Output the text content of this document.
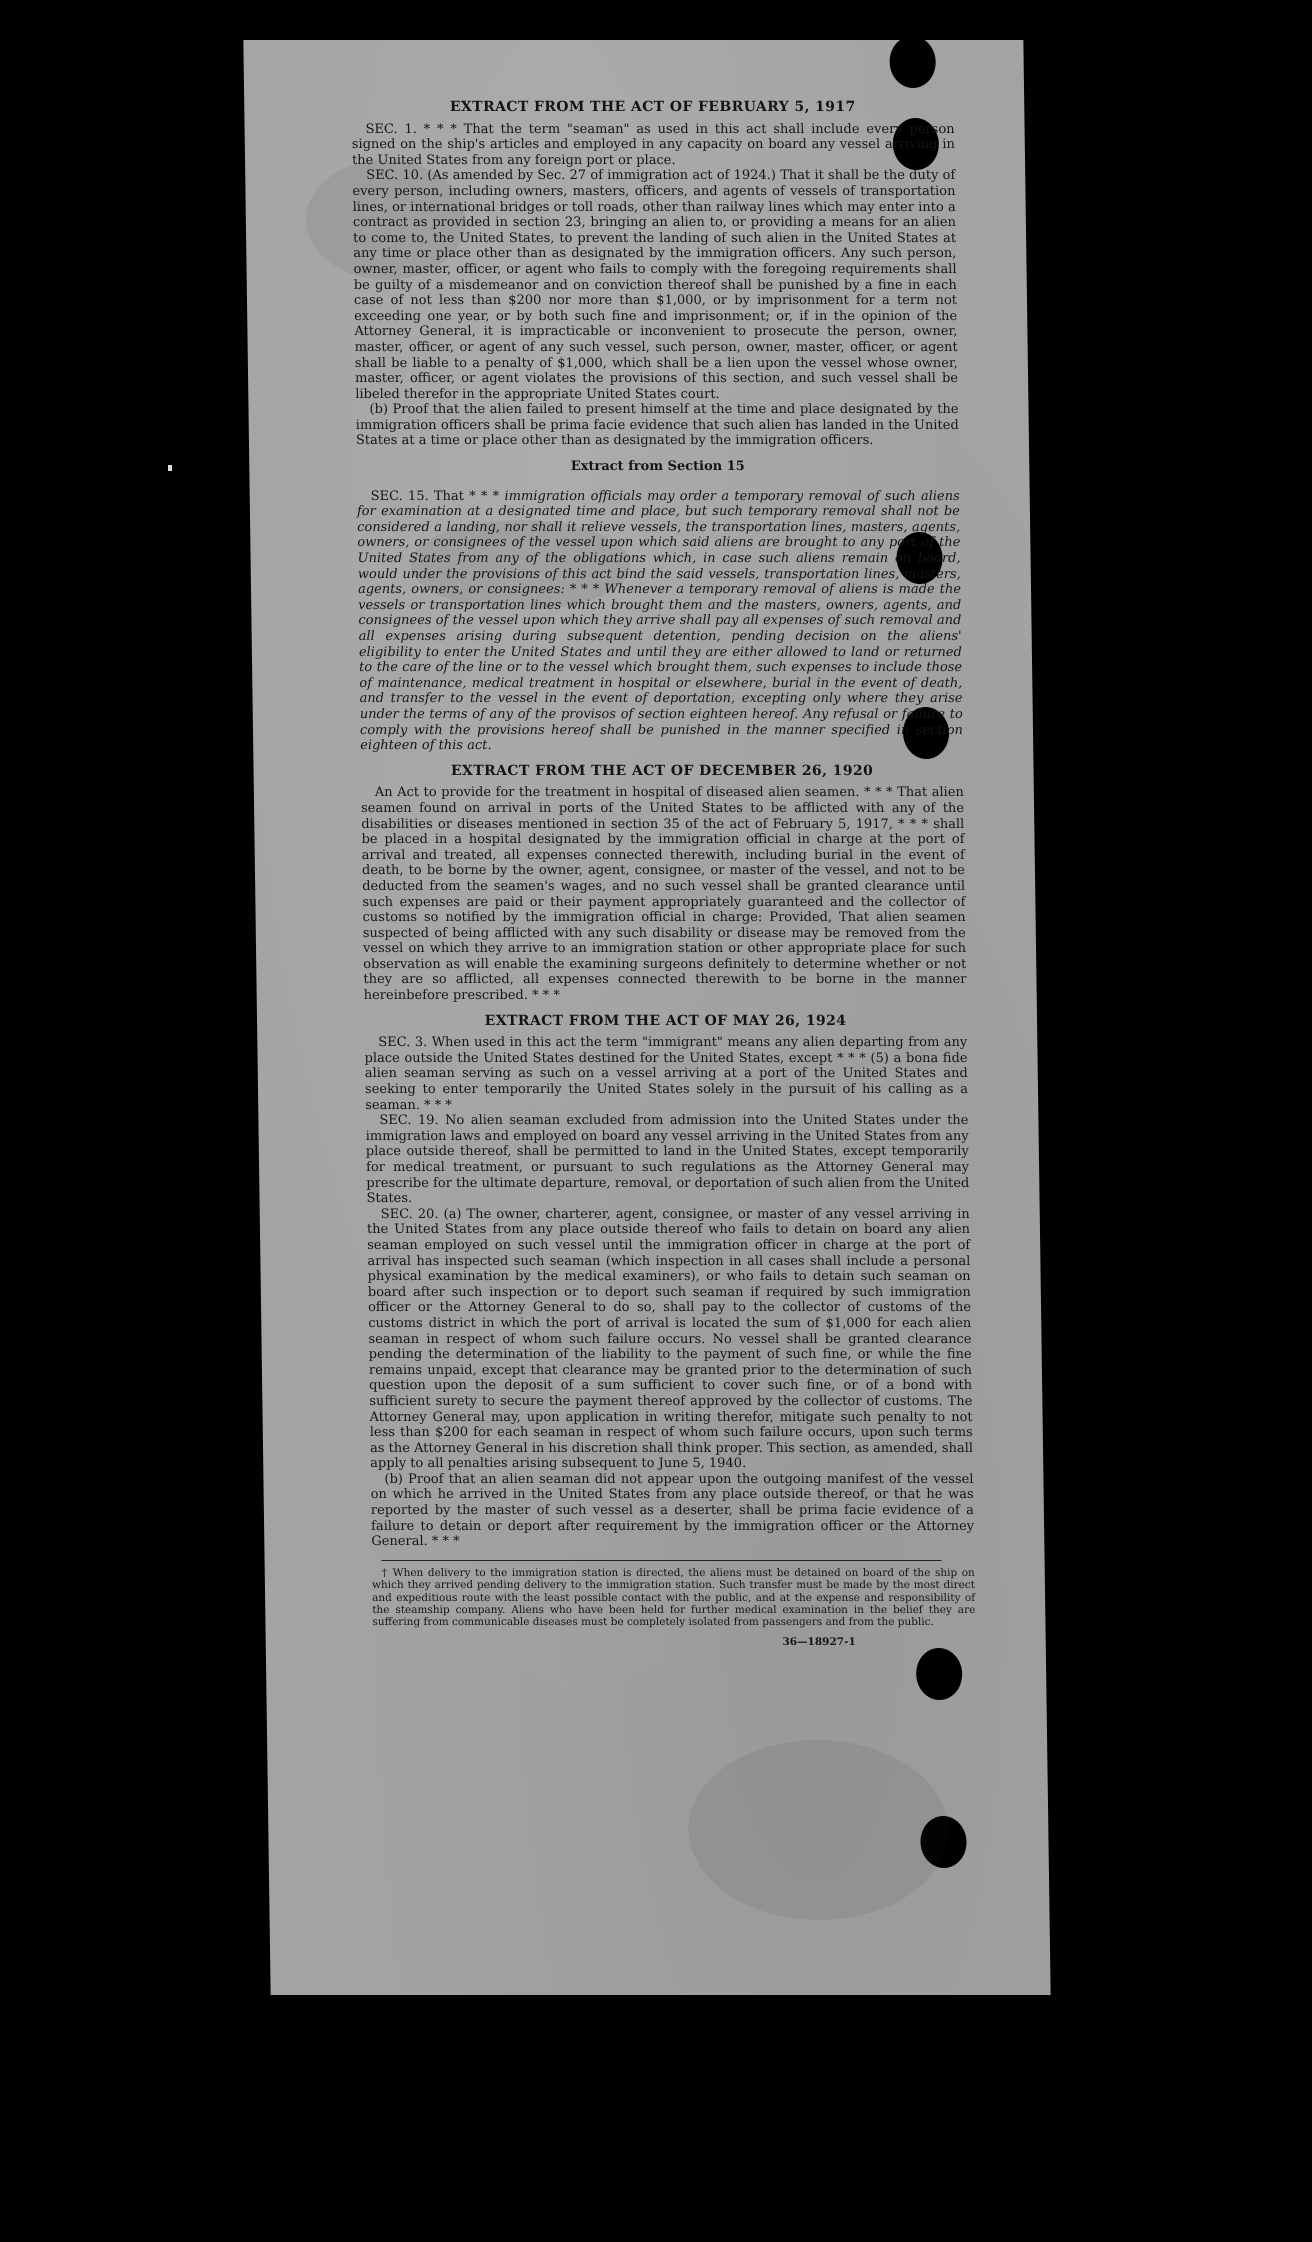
EXTRACT FROM THE ACT OF FEBRUARY 5, 1917

SEC. 1. * * * That the term "seaman" as used in this act shall include every person signed on the ship's articles and employed in any capacity on board any vessel arriving in the United States from any foreign port or place.

SEC. 10. (As amended by Sec. 27 of immigration act of 1924.) That it shall be the duty of every person, including owners, masters, officers, and agents of vessels of transportation lines, or international bridges or toll roads, other than railway lines which may enter into a contract as provided in section 23, bringing an alien to, or providing a means for an alien to come to, the United States, to prevent the landing of such alien in the United States at any time or place other than as designated by the immigration officers. Any such person, owner, master, officer, or agent who fails to comply with the foregoing requirements shall be guilty of a misdemeanor and on conviction thereof shall be punished by a fine in each case of not less than $200 nor more than $1,000, or by imprisonment for a term not exceeding one year, or by both such fine and imprisonment; or, if in the opinion of the Attorney General, it is impracticable or inconvenient to prosecute the person, owner, master, officer, or agent of any such vessel, such person, owner, master, officer, or agent shall be liable to a penalty of $1,000, which shall be a lien upon the vessel whose owner, master, officer, or agent violates the provisions of this section, and such vessel shall be libeled therefor in the appropriate United States court.

(b) Proof that the alien failed to present himself at the time and place designated by the immigration officers shall be prima facie evidence that such alien has landed in the United States at a time or place other than as designated by the immigration officers.

Extract from Section 15

SEC. 15. That * * * immigration officials may order a temporary removal of such aliens for examination at a designated time and place, but such temporary removal shall not be considered a landing, nor shall it relieve vessels, the transportation lines, masters, agents, owners, or consignees of the vessel upon which said aliens are brought to any port of the United States from any of the obligations which, in case such aliens remain on board, would under the provisions of this act bind the said vessels, transportation lines, masters, agents, owners, or consignees: * * * Whenever a temporary removal of aliens is made the vessels or transportation lines which brought them and the masters, owners, agents, and consignees of the vessel upon which they arrive shall pay all expenses of such removal and all expenses arising during subsequent detention, pending decision on the aliens' eligibility to enter the United States and until they are either allowed to land or returned to the care of the line or to the vessel which brought them, such expenses to include those of maintenance, medical treatment in hospital or elsewhere, burial in the event of death, and transfer to the vessel in the event of deportation, excepting only where they arise under the terms of any of the provisos of section eighteen hereof. Any refusal or failure to comply with the provisions hereof shall be punished in the manner specified in section eighteen of this act.

EXTRACT FROM THE ACT OF DECEMBER 26, 1920

An Act to provide for the treatment in hospital of diseased alien seamen. * * * That alien seamen found on arrival in ports of the United States to be afflicted with any of the disabilities or diseases mentioned in section 35 of the act of February 5, 1917, * * * shall be placed in a hospital designated by the immigration official in charge at the port of arrival and treated, all expenses connected therewith, including burial in the event of death, to be borne by the owner, agent, consignee, or master of the vessel, and not to be deducted from the seamen's wages, and no such vessel shall be granted clearance until such expenses are paid or their payment appropriately guaranteed and the collector of customs so notified by the immigration official in charge: Provided, That alien seamen suspected of being afflicted with any such disability or disease may be removed from the vessel on which they arrive to an immigration station or other appropriate place for such observation as will enable the examining surgeons definitely to determine whether or not they are so afflicted, all expenses connected therewith to be borne in the manner hereinbefore prescribed. * * *

EXTRACT FROM THE ACT OF MAY 26, 1924

SEC. 3. When used in this act the term "immigrant" means any alien departing from any place outside the United States destined for the United States, except * * * (5) a bona fide alien seaman serving as such on a vessel arriving at a port of the United States and seeking to enter temporarily the United States solely in the pursuit of his calling as a seaman. * * *

SEC. 19. No alien seaman excluded from admission into the United States under the immigration laws and employed on board any vessel arriving in the United States from any place outside thereof, shall be permitted to land in the United States, except temporarily for medical treatment, or pursuant to such regulations as the Attorney General may prescribe for the ultimate departure, removal, or deportation of such alien from the United States.

SEC. 20. (a) The owner, charterer, agent, consignee, or master of any vessel arriving in the United States from any place outside thereof who fails to detain on board any alien seaman employed on such vessel until the immigration officer in charge at the port of arrival has inspected such seaman (which inspection in all cases shall include a personal physical examination by the medical examiners), or who fails to detain such seaman on board after such inspection or to deport such seaman if required by such immigration officer or the Attorney General to do so, shall pay to the collector of customs of the customs district in which the port of arrival is located the sum of $1,000 for each alien seaman in respect of whom such failure occurs. No vessel shall be granted clearance pending the determination of the liability to the payment of such fine, or while the fine remains unpaid, except that clearance may be granted prior to the determination of such question upon the deposit of a sum sufficient to cover such fine, or of a bond with sufficient surety to secure the payment thereof approved by the collector of customs. The Attorney General may, upon application in writing therefor, mitigate such penalty to not less than $200 for each seaman in respect of whom such failure occurs, upon such terms as the Attorney General in his discretion shall think proper. This section, as amended, shall apply to all penalties arising subsequent to June 5, 1940.

(b) Proof that an alien seaman did not appear upon the outgoing manifest of the vessel on which he arrived in the United States from any place outside thereof, or that he was reported by the master of such vessel as a deserter, shall be prima facie evidence of a failure to detain or deport after requirement by the immigration officer or the Attorney General. * * *

† When delivery to the immigration station is directed, the aliens must be detained on board of the ship on which they arrived pending delivery to the immigration station. Such transfer must be made by the most direct and expeditious route with the least possible contact with the public, and at the expense and responsibility of the steamship company. Aliens who have been held for further medical examination in the belief they are suffering from communicable diseases must be completely isolated from passengers and from the public.

36—18927-1
